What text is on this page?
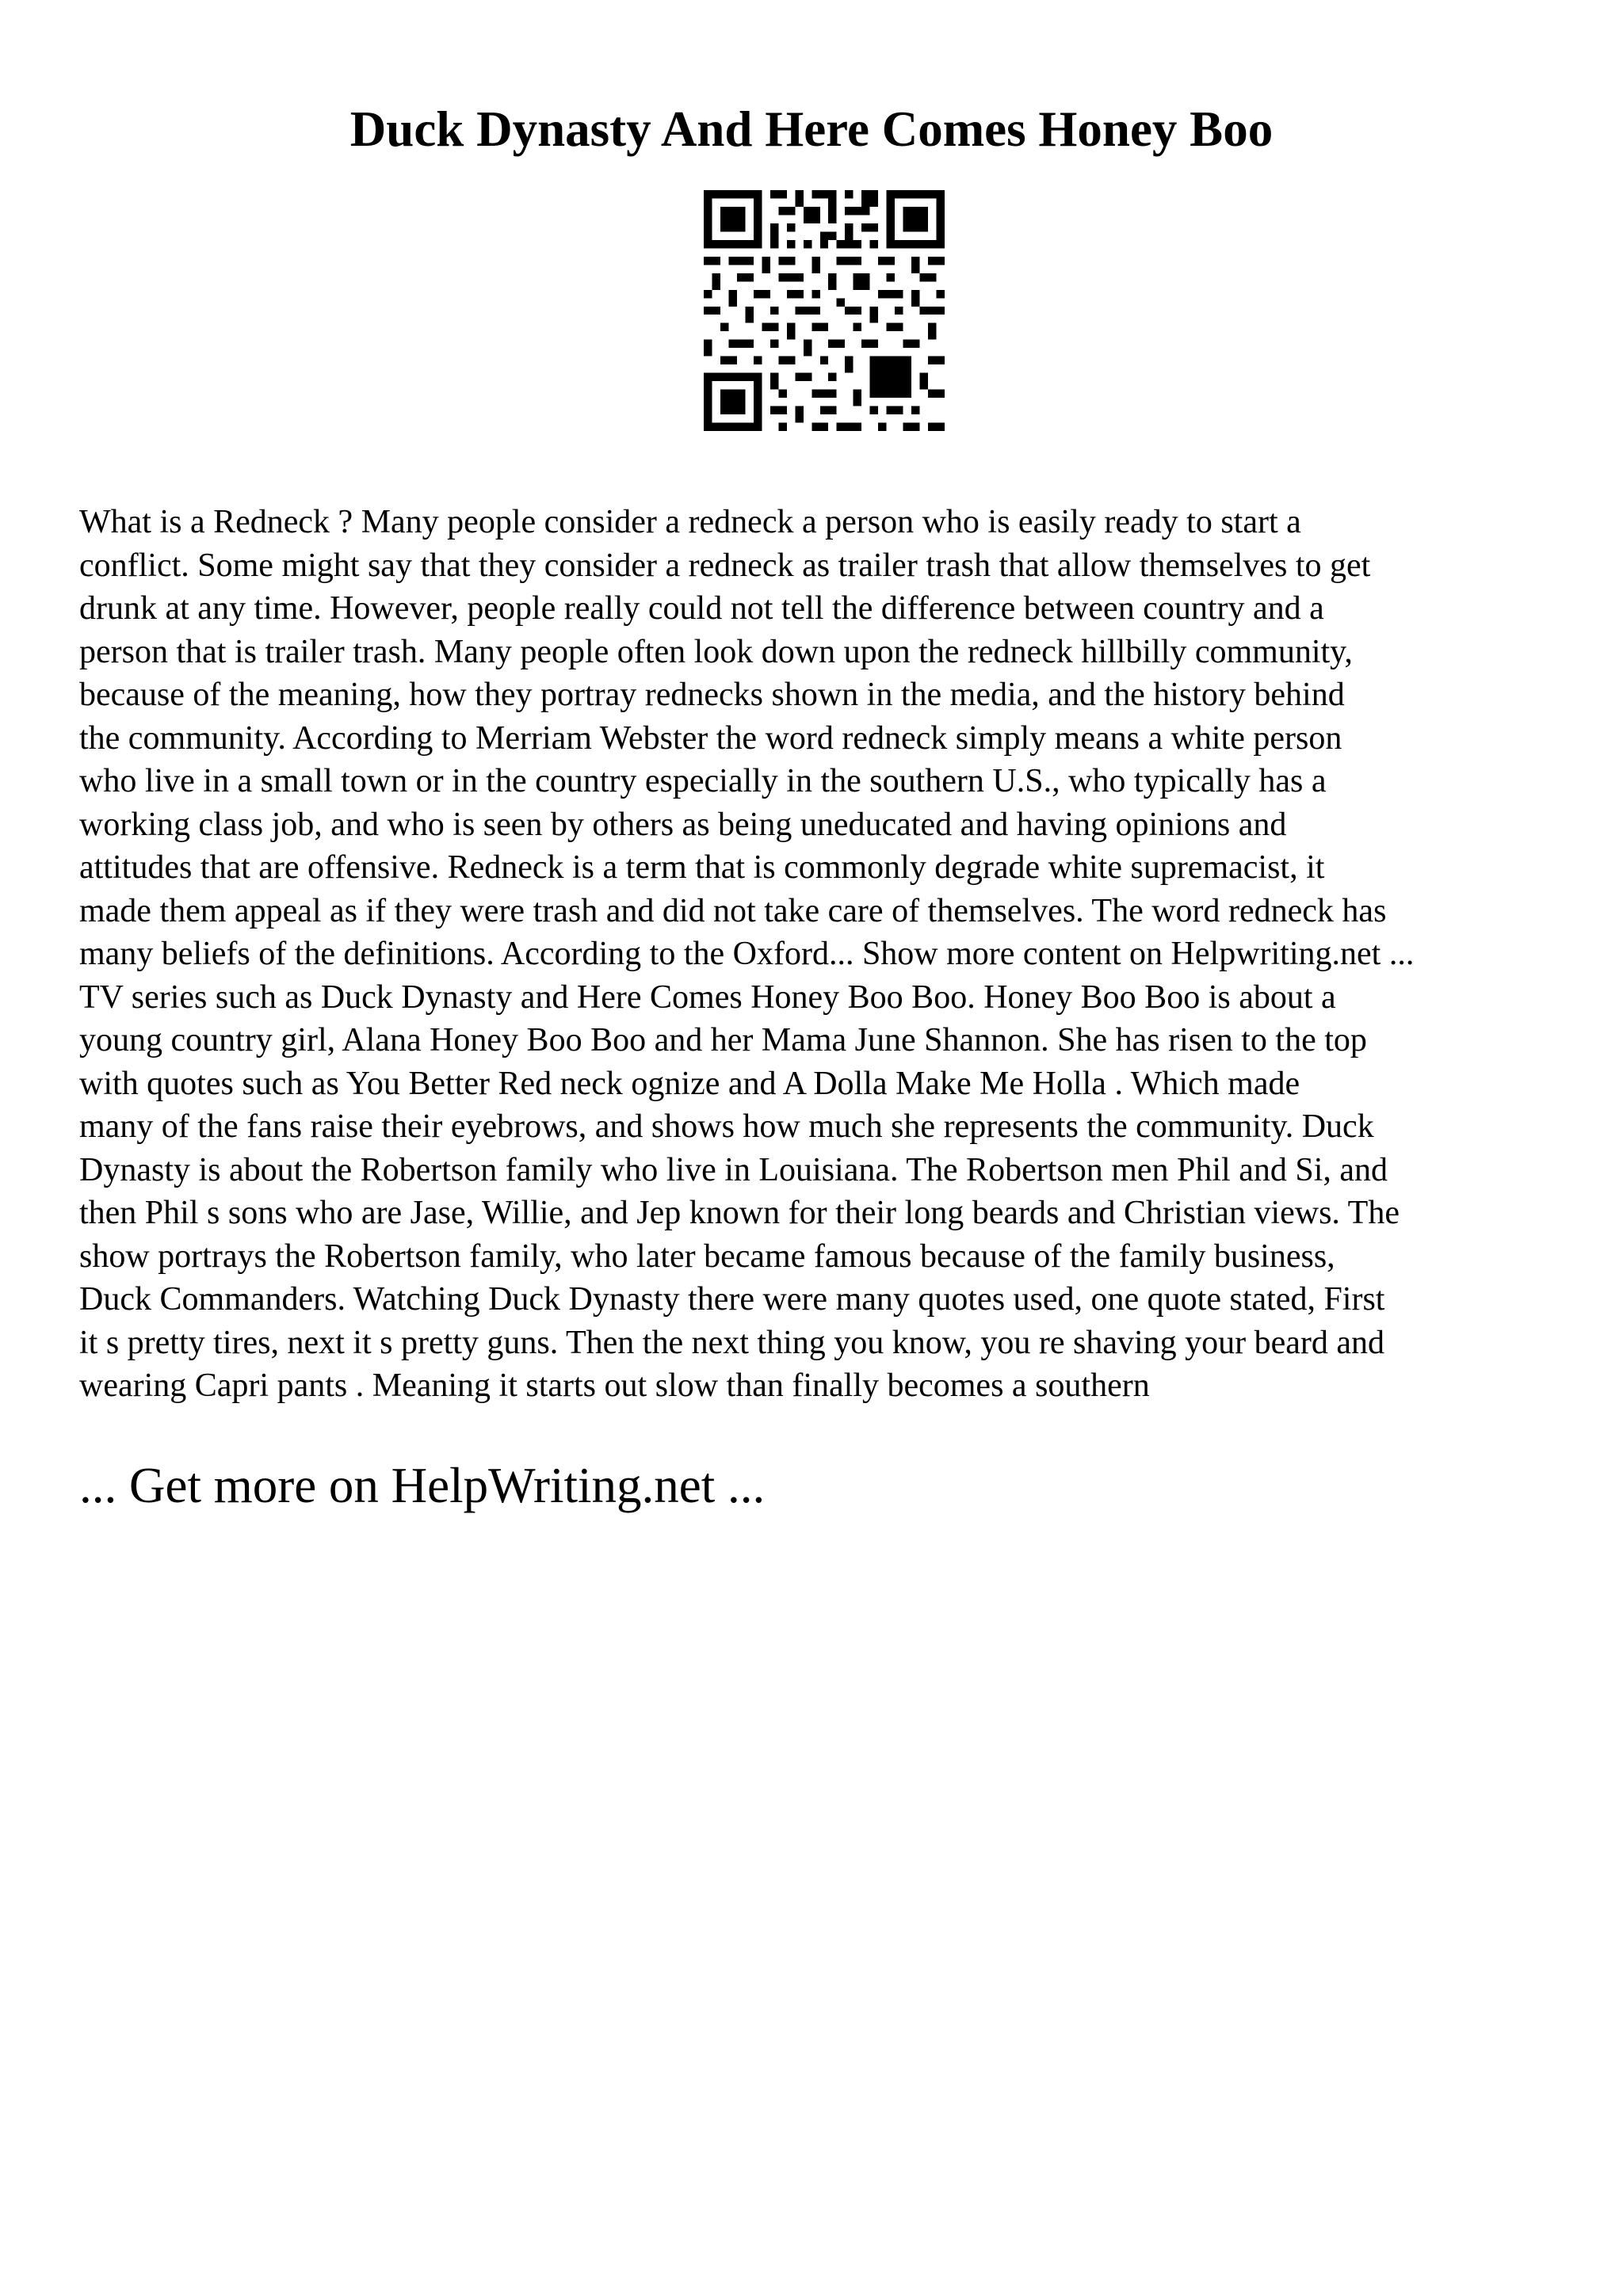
Duck Dynasty And Here Comes Honey Boo

What is a Redneck ? Many people consider a redneck a person who is easily ready to start a
conflict. Some might say that they consider a redneck as trailer trash that allow themselves to get
drunk at any time. However, people really could not tell the difference between country and a
person that is trailer trash. Many people often look down upon the redneck hillbilly community,
because of the meaning, how they portray rednecks shown in the media, and the history behind
the community. According to Merriam Webster the word redneck simply means a white person
who live in a small town or in the country especially in the southern U.S., who typically has a
working class job, and who is seen by others as being uneducated and having opinions and
attitudes that are offensive. Redneck is a term that is commonly degrade white supremacist, it
made them appeal as if they were trash and did not take care of themselves. The word redneck has
many beliefs of the definitions. According to the Oxford... Show more content on Helpwriting.net ...
TV series such as Duck Dynasty and Here Comes Honey Boo Boo. Honey Boo Boo is about a
young country girl, Alana Honey Boo Boo and her Mama June Shannon. She has risen to the top
with quotes such as You Better Red neck ognize and A Dolla Make Me Holla . Which made
many of the fans raise their eyebrows, and shows how much she represents the community. Duck
Dynasty is about the Robertson family who live in Louisiana. The Robertson men Phil and Si, and
then Phil s sons who are Jase, Willie, and Jep known for their long beards and Christian views. The
show portrays the Robertson family, who later became famous because of the family business,
Duck Commanders. Watching Duck Dynasty there were many quotes used, one quote stated, First
it s pretty tires, next it s pretty guns. Then the next thing you know, you re shaving your beard and
wearing Capri pants . Meaning it starts out slow than finally becomes a southern

... Get more on HelpWriting.net ...
